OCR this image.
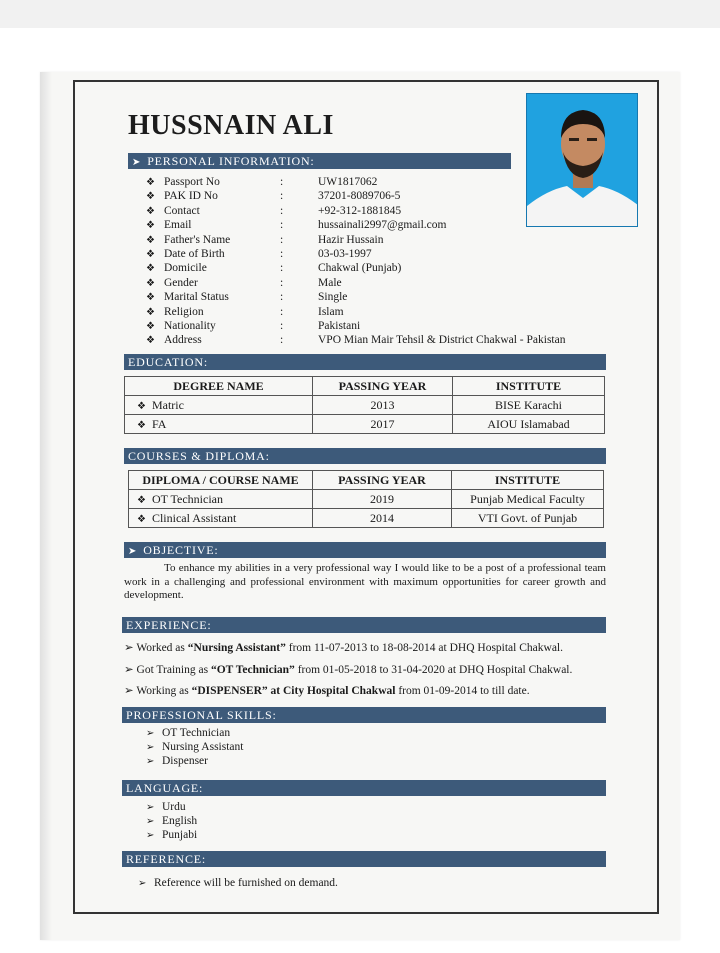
HUSSNAIN ALI
➤ PERSONAL INFORMATION:
❖ Passport No	:	UW1817062
❖ PAK ID No	:	37201-8089706-5
❖ Contact	:	+92-312-1881845
❖ Email	:	hussainali2997@gmail.com
❖ Father's Name	:	Hazir Hussain
❖ Date of Birth	:	03-03-1997
❖ Domicile	:	Chakwal (Punjab)
❖ Gender	:	Male
❖ Marital Status	:	Single
❖ Religion	:	Islam
❖ Nationality	:	Pakistani
❖ Address	:	VPO Mian Mair Tehsil & District Chakwal - Pakistan
EDUCATION:
DEGREE NAME	PASSING YEAR	INSTITUTE
❖ Matric	2013	BISE Karachi
❖ FA	2017	AIOU Islamabad
COURSES & DIPLOMA:
DIPLOMA / COURSE NAME	PASSING YEAR	INSTITUTE
❖ OT Technician	2019	Punjab Medical Faculty
❖ Clinical Assistant	2014	VTI Govt. of Punjab
➤ OBJECTIVE:
To enhance my abilities in a very professional way I would like to be a post of a professional team work in a challenging and professional environment with maximum opportunities for career growth and development.
EXPERIENCE:
➢ Worked as “Nursing Assistant” from 11-07-2013 to 18-08-2014 at DHQ Hospital Chakwal.
➢ Got Training as “OT Technician” from 01-05-2018 to 31-04-2020 at DHQ Hospital Chakwal.
➢ Working as “DISPENSER” at City Hospital Chakwal from 01-09-2014 to till date.
PROFESSIONAL SKILLS:
➢ OT Technician
➢ Nursing Assistant
➢ Dispenser
LANGUAGE:
➢ Urdu
➢ English
➢ Punjabi
REFERENCE:
➢ Reference will be furnished on demand.
